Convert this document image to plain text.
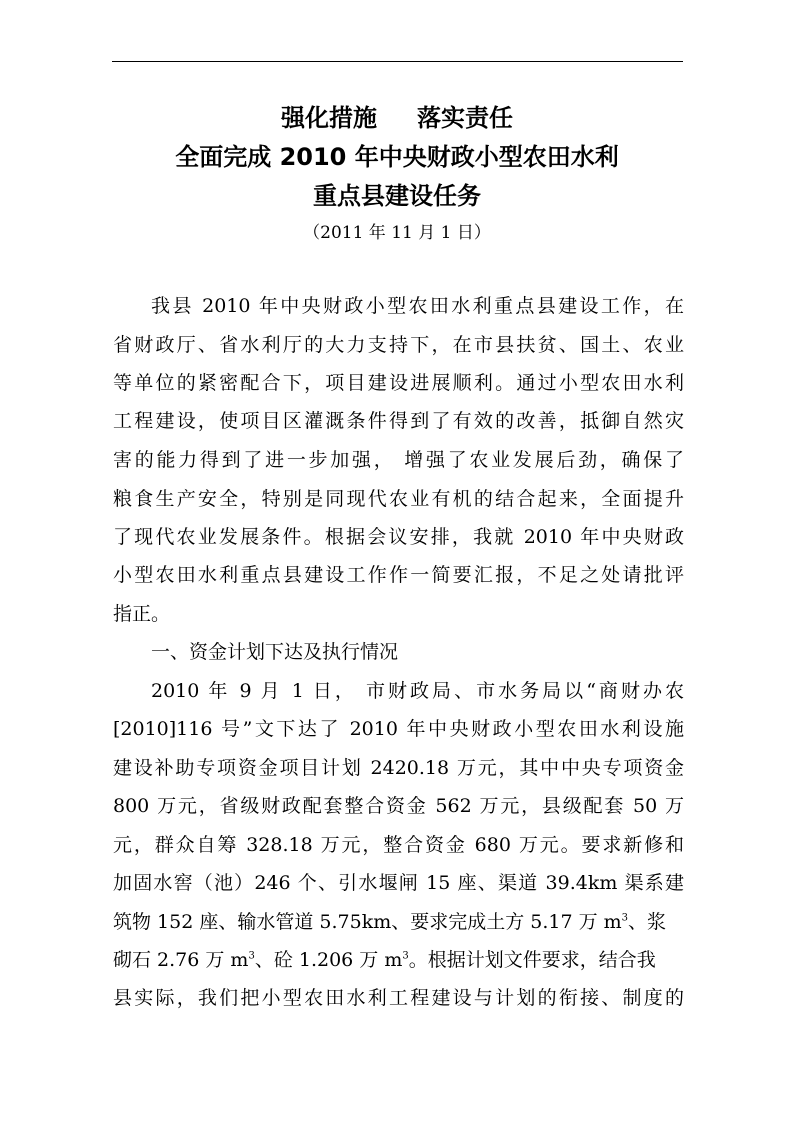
强化措施 落实责任
全面完成 2010 年中央财政小型农田水利
重点县建设任务
（2011 年 11 月 1 日）
我县 2010 年中央财政小型农田水利重点县建设工作，在
省财政厅、省水利厅的大力支持下，在市县扶贫、国土、农业
等单位的紧密配合下，项目建设进展顺利。通过小型农田水利
工程建设，使项目区灌溉条件得到了有效的改善，抵御自然灾
害的能力得到了进一步加强， 增强了农业发展后劲，确保了
粮食生产安全，特别是同现代农业有机的结合起来，全面提升
了现代农业发展条件。根据会议安排，我就 2010 年中央财政
小型农田水利重点县建设工作作一简要汇报，不足之处请批评
指正。
一、资金计划下达及执行情况
2010 年 9 月 1 日， 市财政局、市水务局以“商财办农
[2010]116 号”文下达了 2010 年中央财政小型农田水利设施
建设补助专项资金项目计划 2420.18 万元，其中中央专项资金
800 万元，省级财政配套整合资金 562 万元，县级配套 50 万
元，群众自筹 328.18 万元，整合资金 680 万元。要求新修和
加固水窖（池）246 个、引水堰闸 15 座、渠道 39.4km 渠系建
筑物 152 座、输水管道 5.75km、要求完成土方 5.17 万 $m^3$、浆
砌石 2.76 万 $m^3$、砼 1.206 万 $m^3$。根据计划文件要求，结合我
县实际，我们把小型农田水利工程建设与计划的衔接、制度的
